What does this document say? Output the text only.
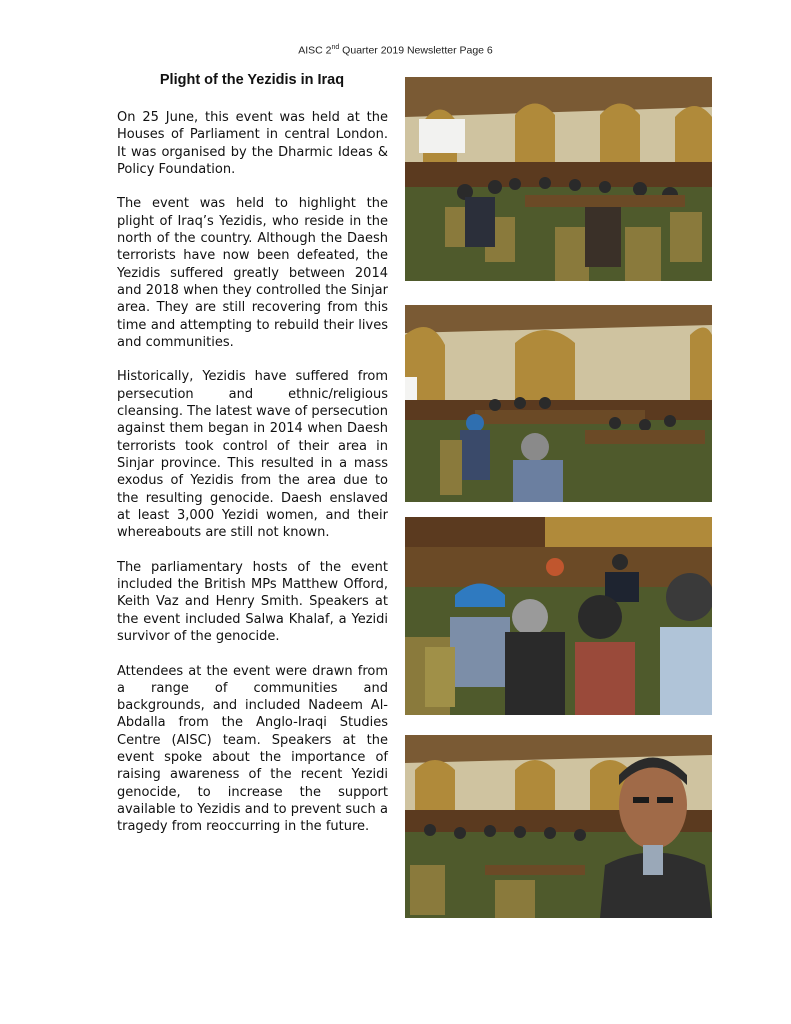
AISC 2nd Quarter 2019 Newsletter Page 6
Plight of the Yezidis in Iraq

On 25 June, this event was held at the Houses of Parliament in central London. It was organised by the Dharmic Ideas & Policy Foundation.

The event was held to highlight the plight of Iraq’s Yezidis, who reside in the north of the country. Although the Daesh terrorists have now been defeated, the Yezidis suffered greatly between 2014 and 2018 when they controlled the Sinjar area. They are still recovering from this time and attempting to rebuild their lives and communities.

Historically, Yezidis have suffered from persecution and ethnic/religious cleansing. The latest wave of persecution against them began in 2014 when Daesh terrorists took control of their area in Sinjar province. This resulted in a mass exodus of Yezidis from the area due to the resulting genocide. Daesh enslaved at least 3,000 Yezidi women, and their whereabouts are still not known.

The parliamentary hosts of the event included the British MPs Matthew Offord, Keith Vaz and Henry Smith. Speakers at the event included Salwa Khalaf, a Yezidi survivor of the genocide.

Attendees at the event were drawn from a range of communities and backgrounds, and included Nadeem Al-Abdalla from the Anglo-Iraqi Studies Centre (AISC) team. Speakers at the event spoke about the importance of raising awareness of the recent Yezidi genocide, to increase the support available to Yezidis and to prevent such a tragedy from reoccurring in the future.
